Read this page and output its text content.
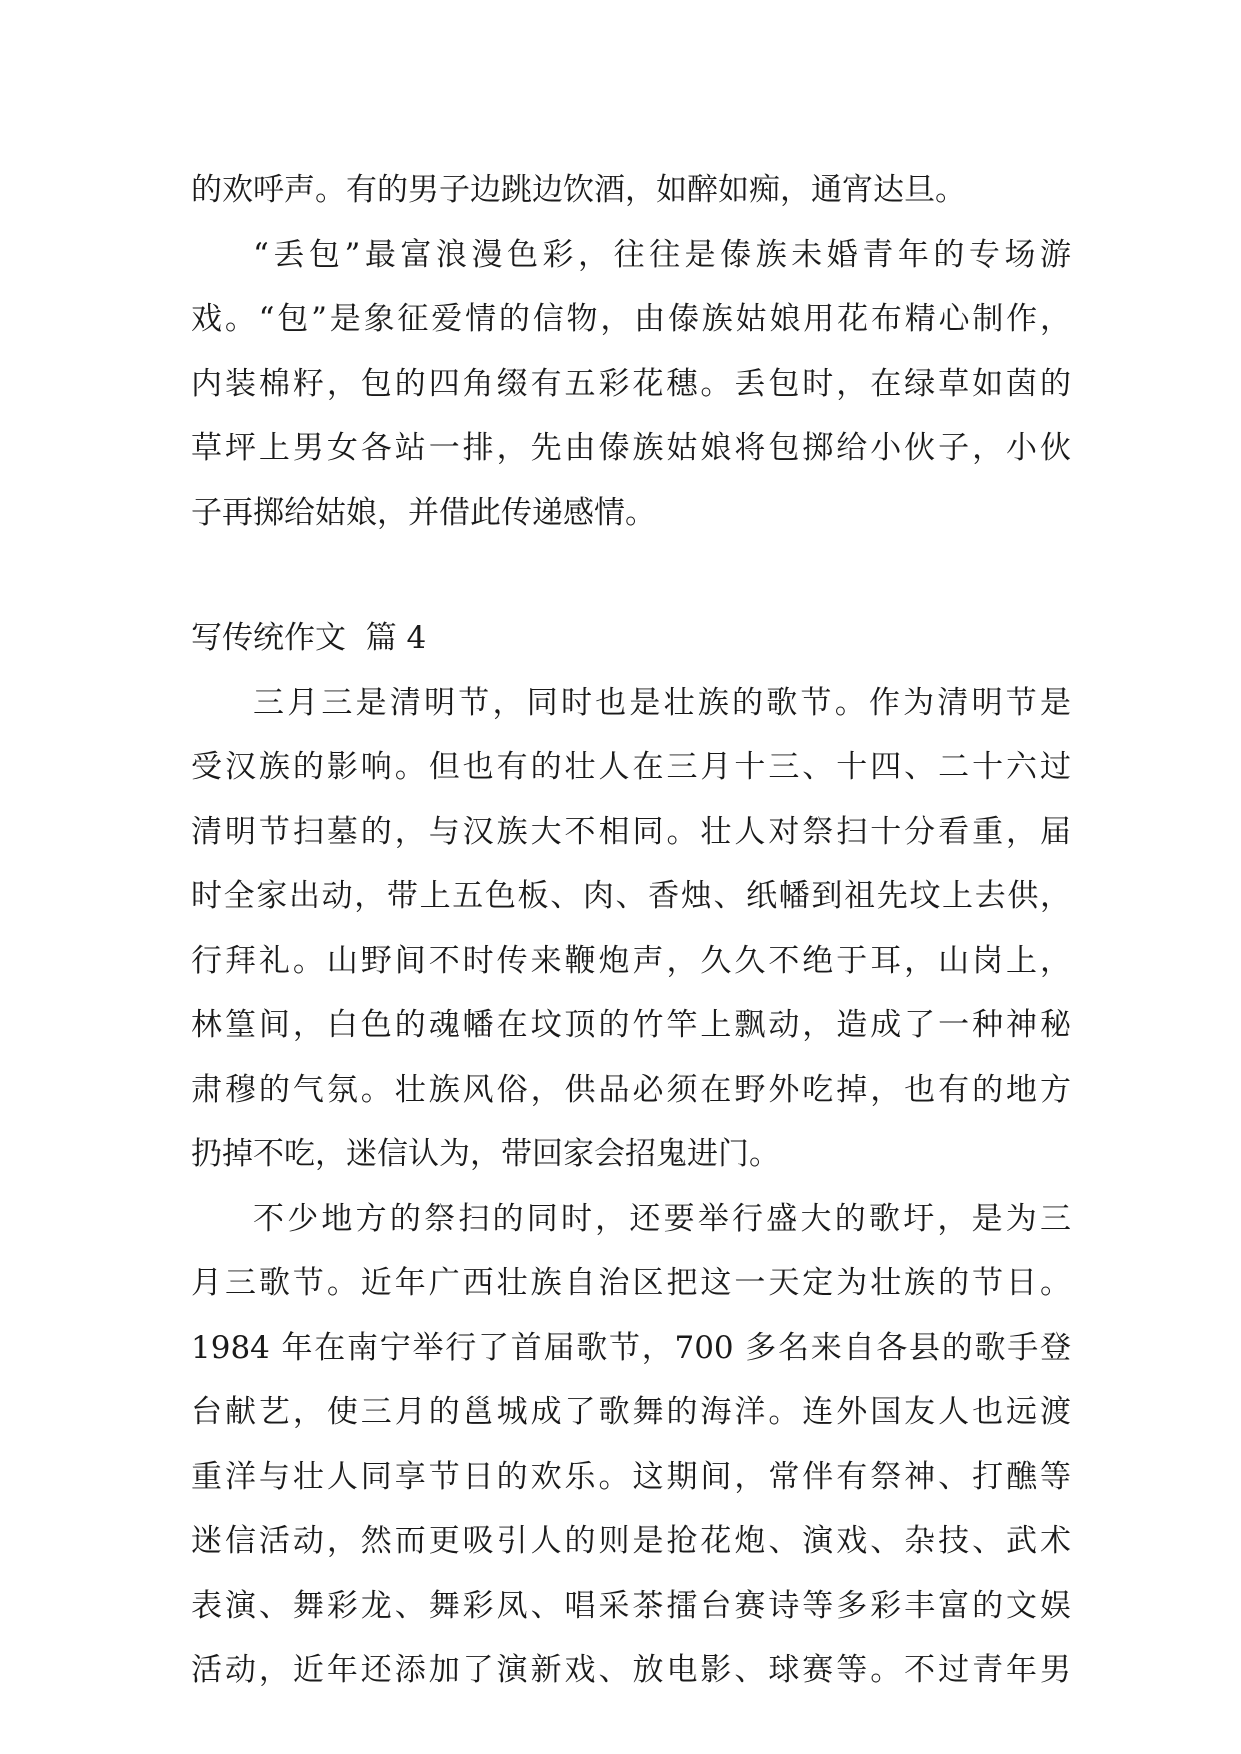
的欢呼声。有的男子边跳边饮酒，如醉如痴，通宵达旦。
“丢包”最富浪漫色彩，往往是傣族未婚青年的专场游
戏。“包”是象征爱情的信物，由傣族姑娘用花布精心制作，
内装棉籽，包的四角缀有五彩花穗。丢包时，在绿草如茵的
草坪上男女各站一排，先由傣族姑娘将包掷给小伙子，小伙
子再掷给姑娘，并借此传递感情。
写传统作文  篇 4
三月三是清明节，同时也是壮族的歌节。作为清明节是
受汉族的影响。但也有的壮人在三月十三、十四、二十六过
清明节扫墓的，与汉族大不相同。壮人对祭扫十分看重，届
时全家出动，带上五色板、肉、香烛、纸幡到祖先坟上去供，
行拜礼。山野间不时传来鞭炮声，久久不绝于耳，山岗上，
林篁间，白色的魂幡在坟顶的竹竿上飘动，造成了一种神秘
肃穆的气氛。壮族风俗，供品必须在野外吃掉，也有的地方
扔掉不吃，迷信认为，带回家会招鬼进门。
不少地方的祭扫的同时，还要举行盛大的歌圩，是为三
月三歌节。近年广西壮族自治区把这一天定为壮族的节日。
1984 年在南宁举行了首届歌节，700 多名来自各县的歌手登
台献艺，使三月的邕城成了歌舞的海洋。连外国友人也远渡
重洋与壮人同享节日的欢乐。这期间，常伴有祭神、打醮等
迷信活动，然而更吸引人的则是抢花炮、演戏、杂技、武术
表演、舞彩龙、舞彩凤、唱采茶擂台赛诗等多彩丰富的文娱
活动，近年还添加了演新戏、放电影、球赛等。不过青年男
